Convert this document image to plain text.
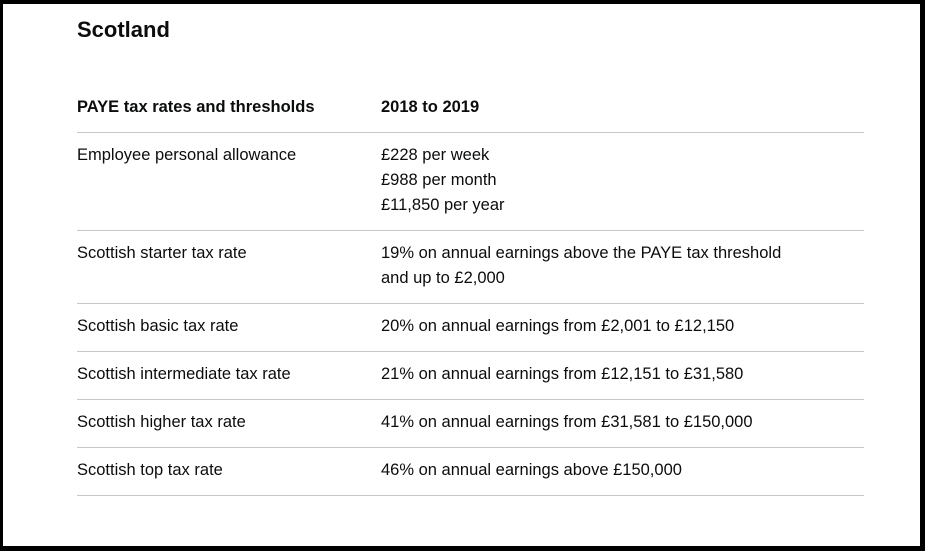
Scotland
PAYE tax rates and thresholds	2018 to 2019
Employee personal allowance	£228 per week
£988 per month
£11,850 per year

Scottish starter tax rate	19% on annual earnings above the PAYE tax threshold and up to £2,000
Scottish basic tax rate	20% on annual earnings from £2,001 to £12,150
Scottish intermediate tax rate	21% on annual earnings from £12,151 to £31,580
Scottish higher tax rate	41% on annual earnings from £31,581 to £150,000
Scottish top tax rate	46% on annual earnings above £150,000
